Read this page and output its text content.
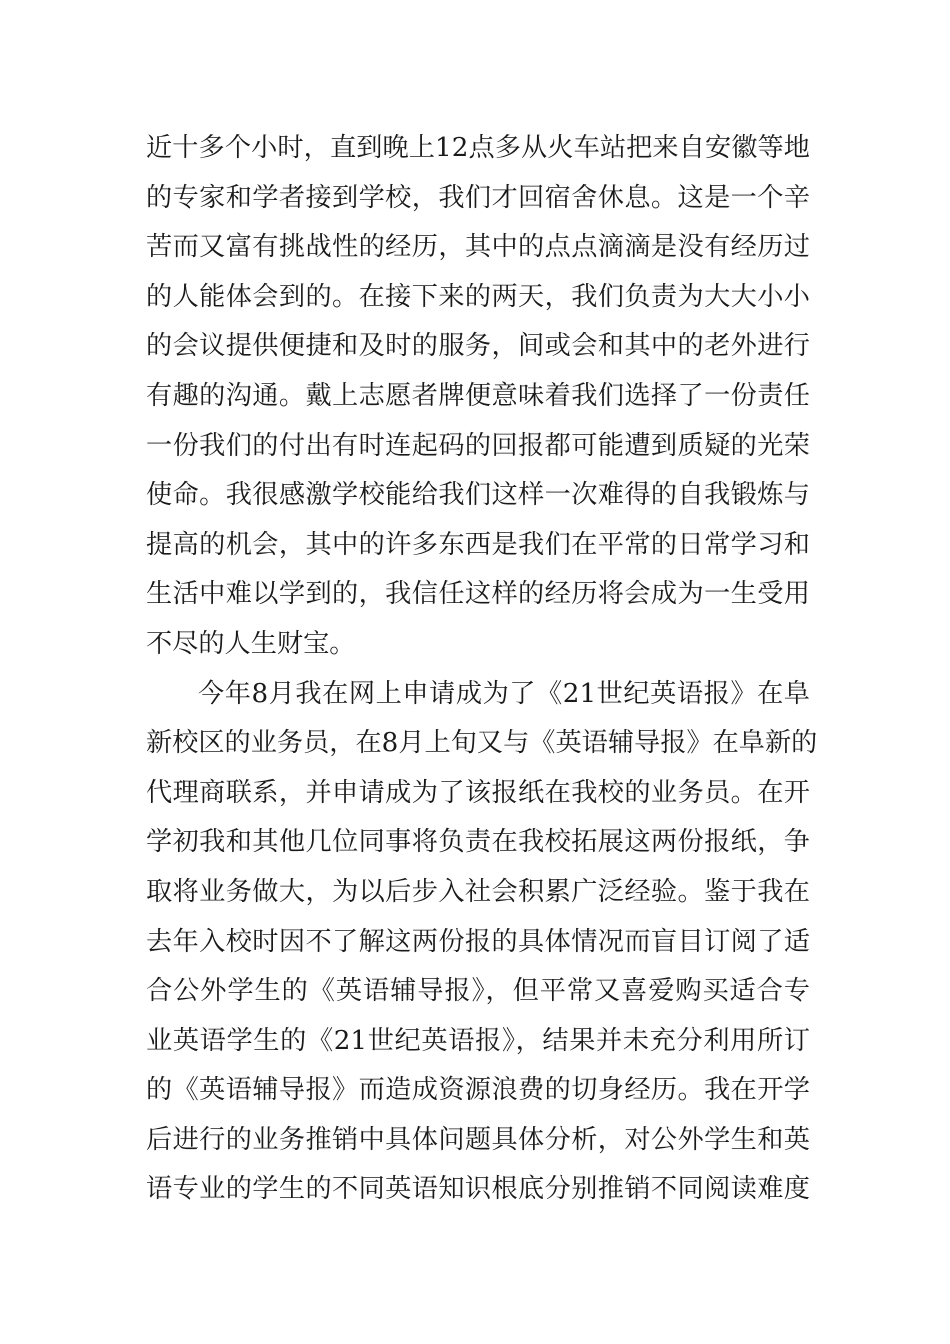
近十多个小时，直到晚上12点多从火车站把来自安徽等地
的专家和学者接到学校，我们才回宿舍休息。这是一个辛
苦而又富有挑战性的经历，其中的点点滴滴是没有经历过
的人能体会到的。在接下来的两天，我们负责为大大小小
的会议提供便捷和及时的服务，间或会和其中的老外进行
有趣的沟通。戴上志愿者牌便意味着我们选择了一份责任
一份我们的付出有时连起码的回报都可能遭到质疑的光荣
使命。我很感激学校能给我们这样一次难得的自我锻炼与
提高的机会，其中的许多东西是我们在平常的日常学习和
生活中难以学到的，我信任这样的经历将会成为一生受用
不尽的人生财宝。
今年8月我在网上申请成为了《21世纪英语报》在阜
新校区的业务员，在8月上旬又与《英语辅导报》在阜新的
代理商联系，并申请成为了该报纸在我校的业务员。在开
学初我和其他几位同事将负责在我校拓展这两份报纸，争
取将业务做大，为以后步入社会积累广泛经验。鉴于我在
去年入校时因不了解这两份报的具体情况而盲目订阅了适
合公外学生的《英语辅导报》，但平常又喜爱购买适合专
业英语学生的《21世纪英语报》，结果并未充分利用所订
的《英语辅导报》而造成资源浪费的切身经历。我在开学
后进行的业务推销中具体问题具体分析，对公外学生和英
语专业的学生的不同英语知识根底分别推销不同阅读难度
